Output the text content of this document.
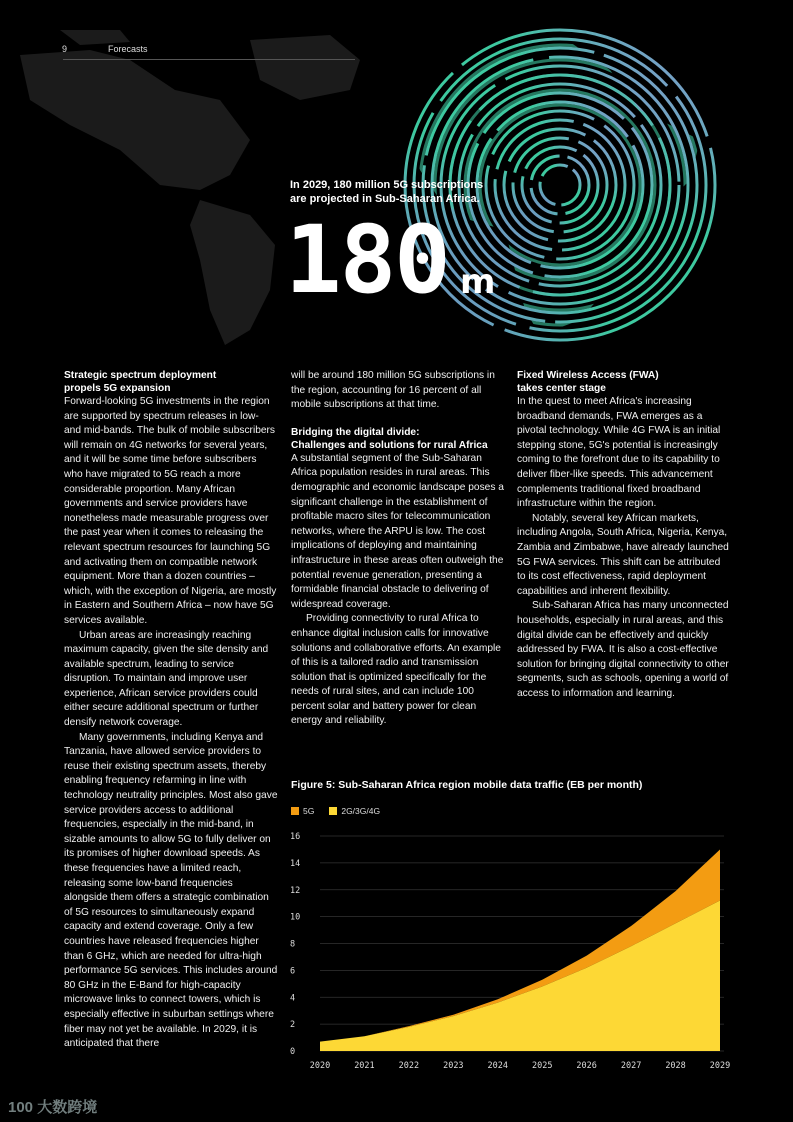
9	Forecasts
In 2029, 180 million 5G subscriptions
are projected in Sub-Saharan Africa.
180 m
Strategic spectrum deployment
propels 5G expansion

Forward-looking 5G investments in the region are supported by spectrum releases in low- and mid-bands. The bulk of mobile subscribers will remain on 4G networks for several years, and it will be some time before subscribers who have migrated to 5G reach a more considerable proportion. Many African governments and service providers have nonetheless made measurable progress over the past year when it comes to releasing the relevant spectrum resources for launching 5G and activating them on compatible network equipment. More than a dozen countries – which, with the exception of Nigeria, are mostly in Eastern and Southern Africa – now have 5G services available.

Urban areas are increasingly reaching maximum capacity, given the site density and available spectrum, leading to service disruption. To maintain and improve user experience, African service providers could either secure additional spectrum or further densify network coverage.

Many governments, including Kenya and Tanzania, have allowed service providers to reuse their existing spectrum assets, thereby enabling frequency refarming in line with technology neutrality principles. Most also gave service providers access to additional frequencies, especially in the mid-band, in sizable amounts to allow 5G to fully deliver on its promises of higher download speeds. As these frequencies have a limited reach, releasing some low-band frequencies alongside them offers a strategic combination of 5G resources to simultaneously expand capacity and extend coverage. Only a few countries have released frequencies higher than 6 GHz, which are needed for ultra-high performance 5G services. This includes around 80 GHz in the E-Band for high-capacity microwave links to connect towers, which is especially effective in suburban settings where fiber may not yet be available. In 2029, it is anticipated that there

will be around 180 million 5G subscriptions in the region, accounting for 16 percent of all mobile subscriptions at that time.

Bridging the digital divide:
Challenges and solutions for rural Africa

A substantial segment of the Sub-Saharan Africa population resides in rural areas. This demographic and economic landscape poses a significant challenge in the establishment of profitable macro sites for telecommunication networks, where the ARPU is low. The cost implications of deploying and maintaining infrastructure in these areas often outweigh the potential revenue generation, presenting a formidable financial obstacle to delivering of widespread coverage.

Providing connectivity to rural Africa to enhance digital inclusion calls for innovative solutions and collaborative efforts. An example of this is a tailored radio and transmission solution that is optimized specifically for the needs of rural sites, and can include 100 percent solar and battery power for clean energy and reliability.

Fixed Wireless Access (FWA)
takes center stage

In the quest to meet Africa's increasing broadband demands, FWA emerges as a pivotal technology. While 4G FWA is an initial stepping stone, 5G's potential is increasingly coming to the forefront due to its capability to deliver fiber-like speeds. This advancement complements traditional fixed broadband infrastructure within the region.

Notably, several key African markets, including Angola, South Africa, Nigeria, Kenya, Zambia and Zimbabwe, have already launched 5G FWA services. This shift can be attributed to its cost effectiveness, rapid deployment capabilities and inherent flexibility.

Sub-Saharan Africa has many unconnected households, especially in rural areas, and this digital divide can be effectively and quickly addressed by FWA. It is also a cost-effective solution for bringing digital connectivity to other segments, such as schools, opening a world of access to information and learning.

Figure 5: Sub-Saharan Africa region mobile data traffic (EB per month)
5G	2G/3G/4G
0
2
4
6
8
10
12
14
16
2020	2021	2022	2023	2024	2025	2026	2027	2028	2029
100 大数跨境
